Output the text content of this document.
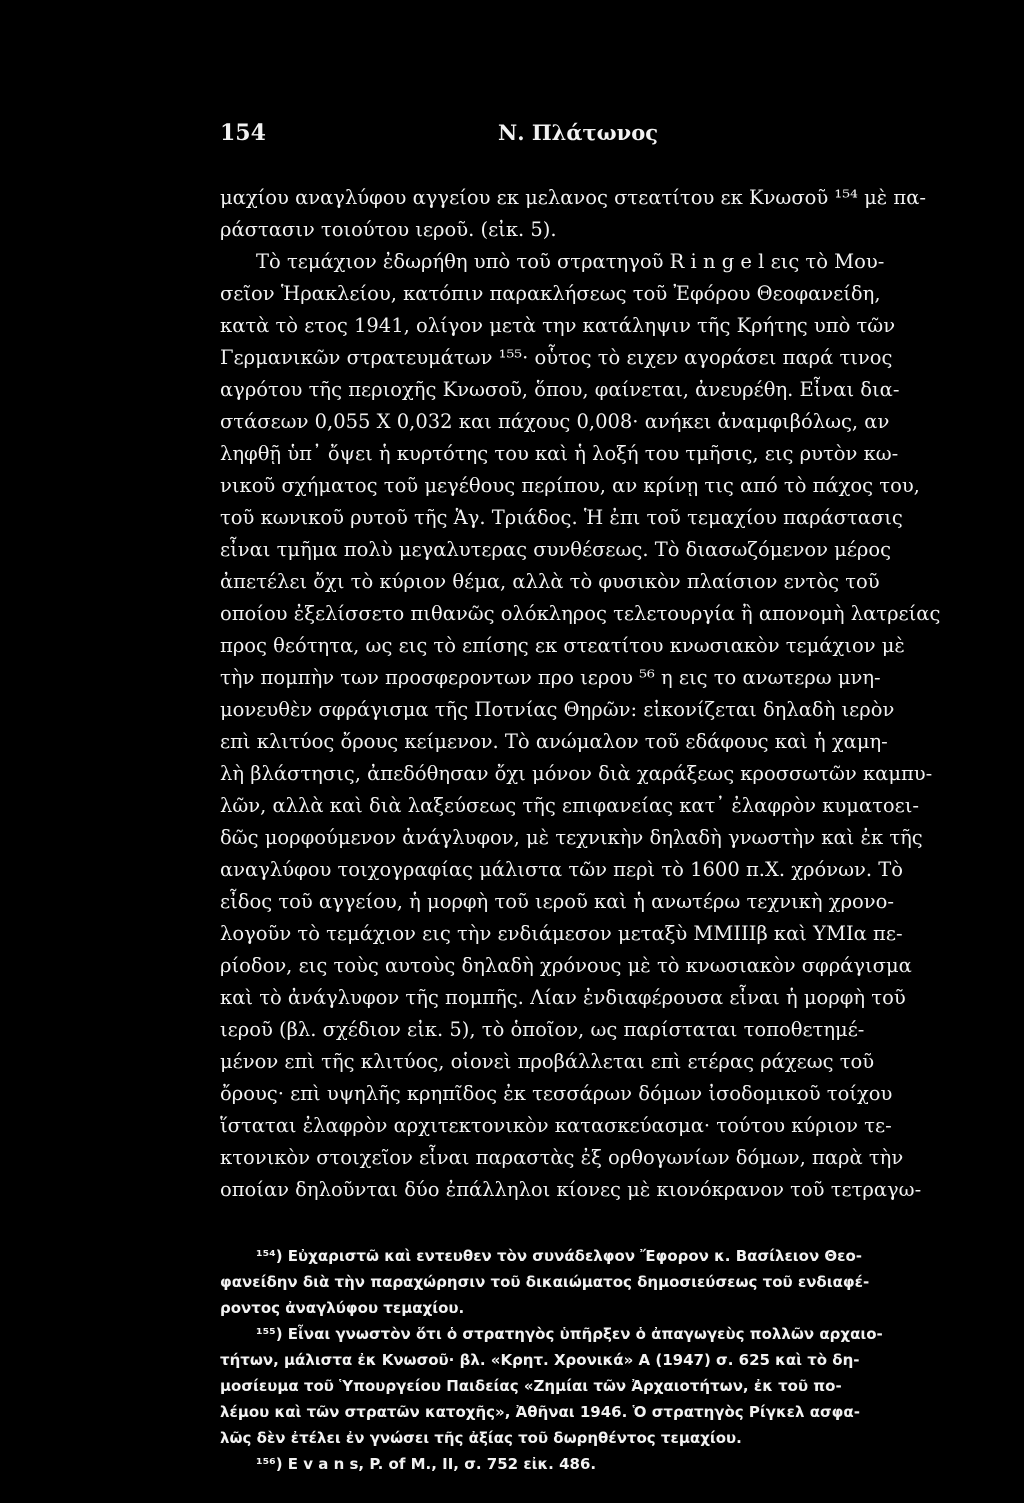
154	Ν. Πλάτωνος
μαχίου αναγλύφου αγγείου εκ μελανος στεατίτου εκ Κνωσοῦ ¹⁵⁴ μὲ πα-
ράστασιν τοιούτου ιεροῦ. (εἰκ. 5).
Τὸ τεμάχιον ἐδωρήθη υπὸ τοῦ στρατηγοῦ R i n g e l εις τὸ Μου-
σεῖον Ἡρακλείου, κατόπιν παρακλήσεως τοῦ Ἐφόρου Θεοφανείδη,
κατὰ τὸ ετος 1941, ολίγον μετὰ την κατάληψιν τῆς Κρήτης υπὸ τῶν
Γερμανικῶν στρατευμάτων ¹⁵⁵· οὗτος τὸ ειχεν αγοράσει παρά τινος
αγρότου τῆς περιοχῆς Κνωσοῦ, ὅπου, φαίνεται, ἀνευρέθη. Εἶναι δια-
στάσεων 0,055 X 0,032 και πάχους 0,008· ανήκει ἀναμφιβόλως, αν
ληφθῇ ὑπ᾿ ὄψει ἡ κυρτότης του καὶ ἡ λοξή του τμῆσις, εις ρυτὸν κω-
νικοῦ σχήματος τοῦ μεγέθους περίπου, αν κρίνῃ τις από τὸ πάχος του,
τοῦ κωνικοῦ ρυτοῦ τῆς Ἁγ. Τριάδος. Ἡ ἐπι τοῦ τεμαχίου παράστασις
εἶναι τμῆμα πολὺ μεγαλυτερας συνθέσεως. Τὸ διασωζόμενον μέρος
ἀπετέλει ὄχι τὸ κύριον θέμα, αλλὰ τὸ φυσικὸν πλαίσιον εντὸς τοῦ
οποίου ἐξελίσσετο πιθανῶς ολόκληρος τελετουργία ἢ απονομὴ λατρείας
προς θεότητα, ως εις τὸ επίσης εκ στεατίτου κνωσιακὸν τεμάχιον μὲ
τὴν πομπὴν των προσφερoντων προ ιερου ⁵⁶ η εις το ανωτερω μνη-
μονευθὲν σφράγισμα τῆς Ποτνίας Θηρῶν: εἰκονίζεται δηλαδὴ ιερὸν
επὶ κλιτύος ὄρους κείμενον. Τὸ ανώμαλον τοῦ εδάφους καὶ ἡ χαμη-
λὴ βλάστησις, ἀπεδόθησαν ὄχι μόνον διὰ χαράξεως κροσσωτῶν καμπυ-
λῶν, αλλὰ καὶ διὰ λαξεύσεως τῆς επιφανείας κατ᾿ ἐλαφρὸν κυματοει-
δῶς μορφούμενον ἀνάγλυφον, μὲ τεχνικὴν δηλαδὴ γνωστὴν καὶ ἐκ τῆς
αναγλύφου τοιχογραφίας μάλιστα τῶν περὶ τὸ 1600 π.Χ. χρόνων. Τὸ
εἶδος τοῦ αγγείου, ἡ μορφὴ τοῦ ιεροῦ καὶ ἡ ανωτέρω τεχνικὴ χρονο-
λογοῦν τὸ τεμάχιον εις τὴν ενδιάμεσον μεταξὺ ΜΜΙΙΙβ καὶ ΥΜΙα πε-
ρίοδον, εις τοὺς αυτοὺς δηλαδὴ χρόνους μὲ τὸ κνωσιακὸν σφράγισμα
καὶ τὸ ἀνάγλυφον τῆς πομπῆς. Λίαν ἐνδιαφέρουσα εἶναι ἡ μορφὴ τοῦ
ιεροῦ (βλ. σχέδιον εἰκ. 5), τὸ ὁποῖον, ως παρίσταται τοποθετημέ-
μένον επὶ τῆς κλιτύος, οἱονεὶ προβάλλεται επὶ ετέρας ράχεως τοῦ
ὄρους· επὶ υψηλῆς κρηπῖδος ἐκ τεσσάρων δόμων ἰσοδομικοῦ τοίχου
ἵσταται ἐλαφρὸν αρχιτεκτονικὸν κατασκεύασμα· τούτου κύριον τε-
κτονικὸν στοιχεῖον εἶναι παραστὰς ἐξ ορθογωνίων δόμων, παρὰ τὴν
οποίαν δηλοῦνται δύο ἐπάλληλοι κίονες μὲ κιονόκρανον τοῦ τετραγω-
¹⁵⁴) Εὐχαριστῶ καὶ εντευθεν τὸν συνάδελφον Ἔφορον κ. Βασίλειον Θεο-
φανείδην διὰ τὴν παραχώρησιν τοῦ δικαιώματος δημοσιεύσεως τοῦ ενδιαφέ-
ροντος ἀναγλύφου τεμαχίου.
¹⁵⁵) Εἶναι γνωστὸν ὅτι ὁ στρατηγὸς ὑπῆρξεν ὁ ἀπαγωγεὺς πολλῶν αρχαιο-
τήτων, μάλιστα ἐκ Κνωσοῦ· βλ. «Κρητ. Χρονικά» Α (1947) σ. 625 καὶ τὸ δη-
μοσίευμα τοῦ Ὑπουργείου Παιδείας «Ζημίαι τῶν Ἀρχαιοτήτων, ἐκ τοῦ πο-
λέμου καὶ τῶν στρατῶν κατοχῆς», Ἀθῆναι 1946. Ὁ στρατηγὸς Ρίγκελ ασφα-
λῶς δὲν ἐτέλει ἐν γνώσει τῆς ἀξίας τοῦ δωρηθέντος τεμαχίου.
¹⁵⁶) E v a n s, P. of M., II, σ. 752 εἰκ. 486.
